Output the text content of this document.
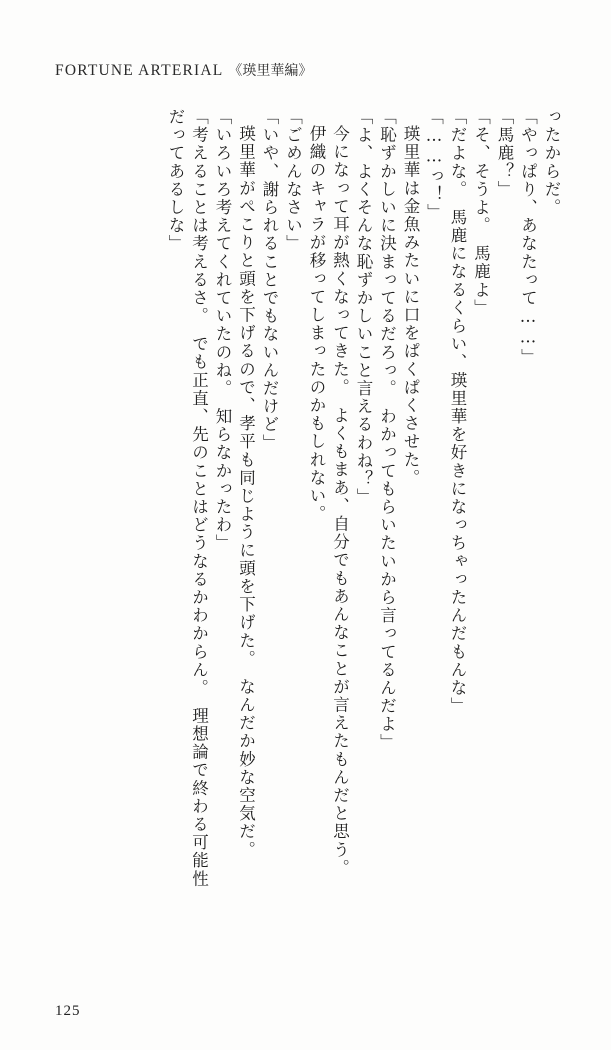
FORTUNE ARTERIAL 《瑛里華編》
ったからだ。
「やっぱり、あなたって……」
「馬鹿？」
「そ、そうよ。　馬鹿よ」
「だよな。　馬鹿になるくらい、瑛里華を好きになっちゃったんだもんな」
「……っ！」
瑛里華は金魚みたいに口をぱくぱくさせた。
「恥ずかしいに決まってるだろっ。　わかってもらいたいから言ってるんだよ」
「よ、よくそんな恥ずかしいこと言えるわね？」
今になって耳が熱くなってきた。　よくもまあ、自分でもあんなことが言えたもんだと思う。
伊織のキャラが移ってしまったのかもしれない。
「ごめんなさい」
「いや、謝られることでもないんだけど」
瑛里華がぺこりと頭を下げるので、孝平も同じように頭を下げた。　なんだか妙な空気だ。
「いろいろ考えてくれていたのね。　知らなかったわ」
「考えることは考えるさ。　でも正直、先のことはどうなるかわからん。　理想論で終わる可能性
だってあるしな」
125
